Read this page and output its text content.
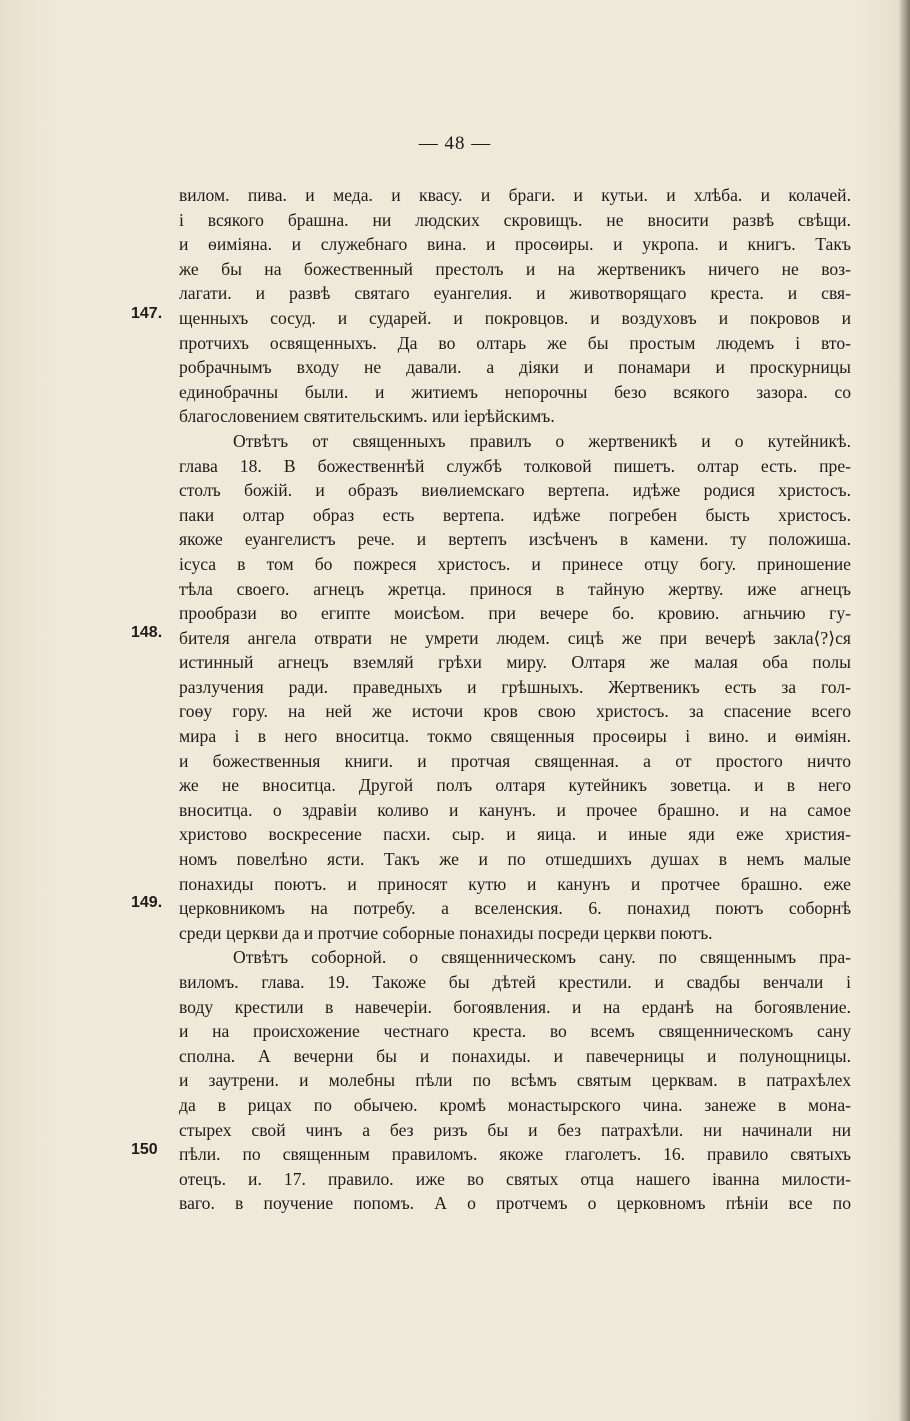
— 48 —
147.
148.
149.
150
вилом. пива. и меда. и квасу. и браги. и кутьи. и хлѣба. и колачей.
і всякого брашна. ни людских скровищъ. не вносити развѣ свѣщи.
и ѳиміяна. и служебнаго вина. и просѳиры. и укропа. и книгъ. Такъ
же бы на божественный престолъ и на жертвеникъ ничего не воз-
лагати. и развѣ святаго еуангелия. и животворящаго креста. и свя-
щенныхъ сосуд. и сударей. и покровцов. и воздуховъ и покровов и
протчихъ освященныхъ. Да во олтарь же бы простым людемъ і вто-
робрачнымъ входу не давали. а діяки и понамари и проскурницы
единобрачны были. и житиемъ непорочны безо всякого зазора. со
благословением святительскимъ. или іерѣйскимъ.
Отвѣтъ от священныхъ правилъ о жертвеникѣ и о кутейникѣ.
глава 18. В божественнѣй службѣ толковой пишетъ. олтар есть. пре-
столъ божій. и образъ виѳлиемскаго вертепа. идѣже родися христосъ.
паки олтар образ есть вертепа. идѣже погребен бысть христосъ.
якоже еуангелистъ рече. и вертепъ изсѣченъ в камени. ту положиша.
ісуса в том бо пожреся христосъ. и принесе отцу богу. приношение
тѣла своего. агнецъ жретца. принося в тайную жертву. иже агнецъ
прообрази во египте моисѣом. при вечере бо. кровию. агньчию гу-
бителя ангела отврати не умрети людем. сицѣ же при вечерѣ закла⟨?⟩ся
истинный агнецъ вземляй грѣхи миру. Олтаря же малая оба полы
разлучения ради. праведныхъ и грѣшныхъ. Жертвеникъ есть за гол-
гоѳу гору. на ней же источи кров свою христосъ. за спасение всего
мира і в него вноситца. токмо священныя просѳиры і вино. и ѳиміян.
и божественныя книги. и протчая священная. а от простого ничто
же не вноситца. Другой полъ олтаря кутейникъ зоветца. и в него
вноситца. о здравіи коливо и канунъ. и прочее брашно. и на самое
христово воскресение пасхи. сыр. и яица. и иные яди еже христия-
номъ повелѣно ясти. Такъ же и по отшедшихъ душах в немъ малые
понахиды поютъ. и приносят кутю и канунъ и протчее брашно. еже
церковникомъ на потребу. а вселенския. 6. понахид поютъ соборнѣ
среди церкви да и протчие соборные понахиды посреди церкви поютъ.
Отвѣтъ соборной. о священническомъ сану. по священнымъ пра-
виломъ. глава. 19. Такоже бы дѣтей крестили. и свадбы венчали і
воду крестили в навечеріи. богоявления. и на ерданѣ на богоявление.
и на происхожение честнаго креста. во всемъ священническомъ сану
сполна. А вечерни бы и понахиды. и павечерницы и полунощницы.
и заутрени. и молебны пѣли по всѣмъ святым церквам. в патрахѣлех
да в рицах по обычею. кромѣ монастырского чина. занеже в мона-
стырех свой чинъ а без ризъ бы и без патрахѣли. ни начинали ни
пѣли. по священным правиломъ. якоже глаголетъ. 16. правило святыхъ
отецъ. и. 17. правило. иже во святых отца нашего іванна милости-
ваго. в поучение попомъ. А о протчемъ о церковномъ пѣніи все по
